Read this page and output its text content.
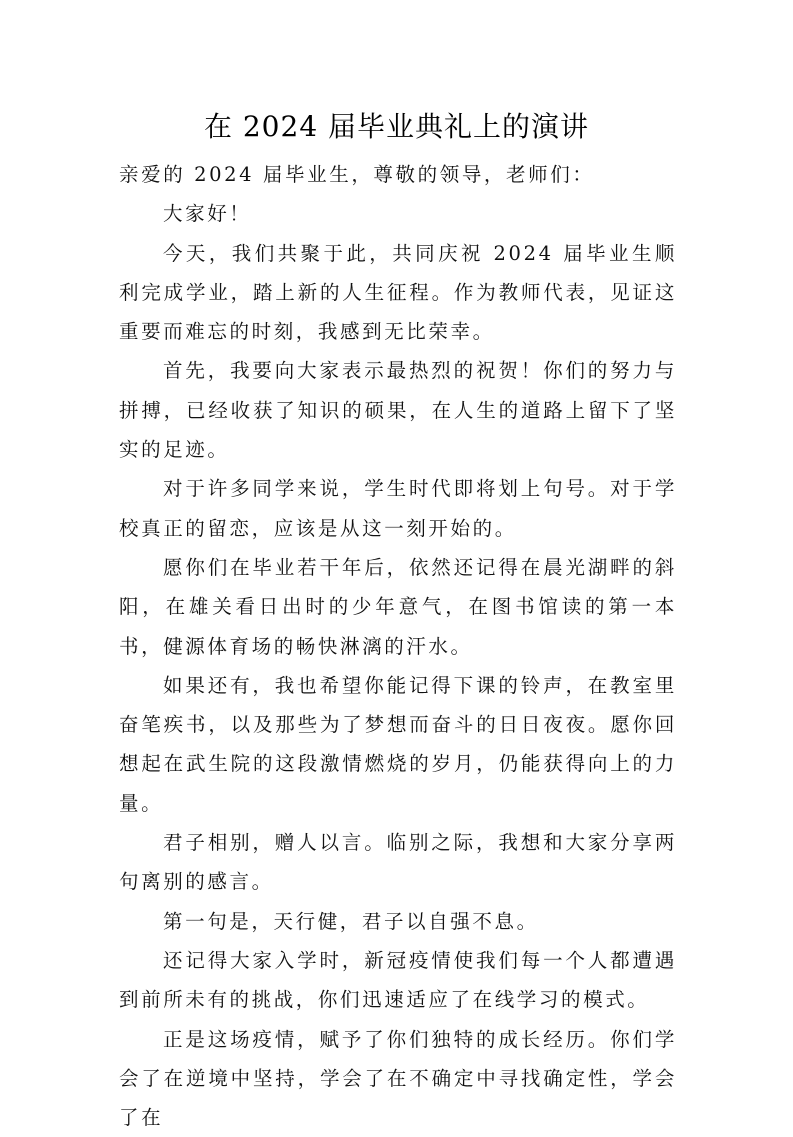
在 2024 届毕业典礼上的演讲

亲爱的 2024 届毕业生，尊敬的领导，老师们：

大家好！

今天，我们共聚于此，共同庆祝 2024 届毕业生顺利完成学业，踏上新的人生征程。作为教师代表，见证这重要而难忘的时刻，我感到无比荣幸。

首先，我要向大家表示最热烈的祝贺！你们的努力与拼搏，已经收获了知识的硕果，在人生的道路上留下了坚实的足迹。

对于许多同学来说，学生时代即将划上句号。对于学校真正的留恋，应该是从这一刻开始的。

愿你们在毕业若干年后，依然还记得在晨光湖畔的斜阳，在雄关看日出时的少年意气，在图书馆读的第一本书，健源体育场的畅快淋漓的汗水。

如果还有，我也希望你能记得下课的铃声，在教室里奋笔疾书，以及那些为了梦想而奋斗的日日夜夜。愿你回想起在武生院的这段激情燃烧的岁月，仍能获得向上的力量。

君子相别，赠人以言。临别之际，我想和大家分享两句离别的感言。

第一句是，天行健，君子以自强不息。

还记得大家入学时，新冠疫情使我们每一个人都遭遇到前所未有的挑战，你们迅速适应了在线学习的模式。

正是这场疫情，赋予了你们独特的成长经历。你们学会了在逆境中坚持，学会了在不确定中寻找确定性，学会了在
